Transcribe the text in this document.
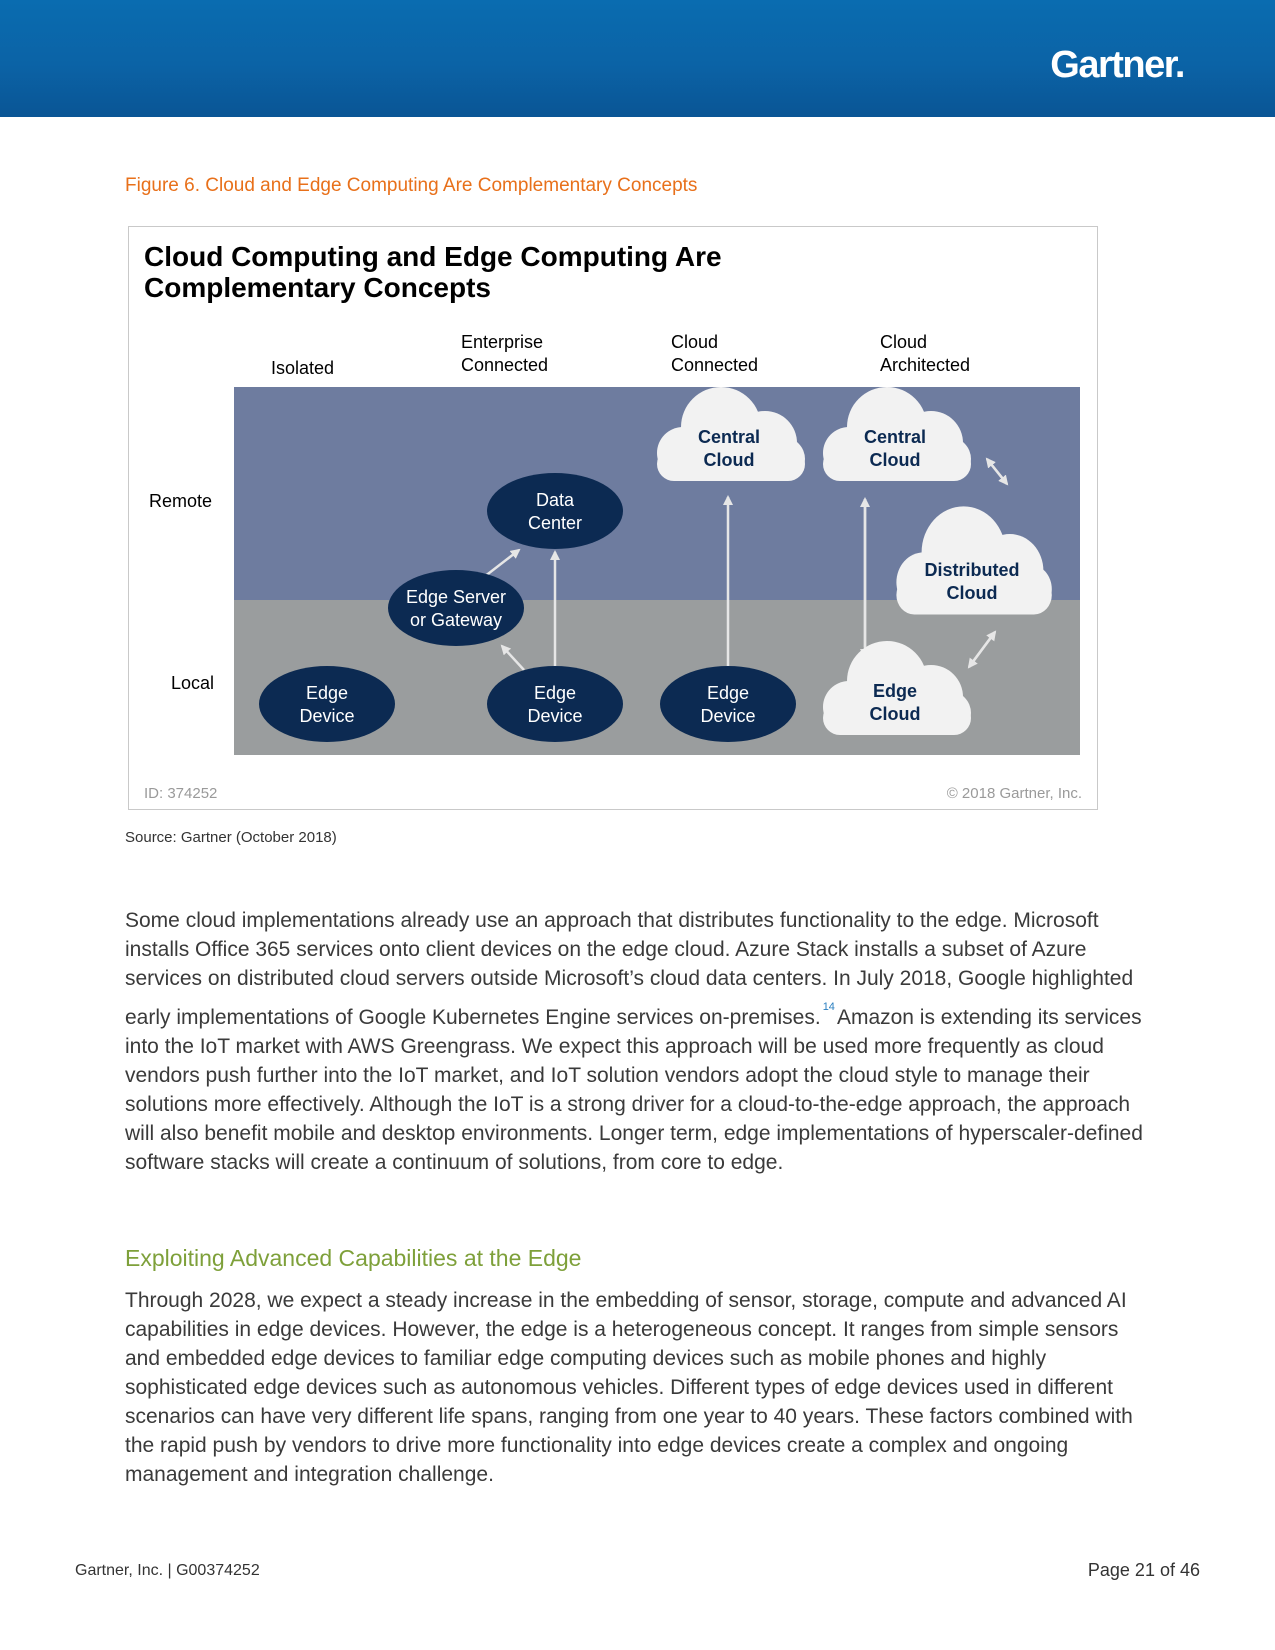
Gartner.
Figure 6. Cloud and Edge Computing Are Complementary Concepts
Cloud Computing and Edge Computing Are
Complementary Concepts
Isolated
Enterprise
Connected
Cloud
Connected
Cloud
Architected
Remote
Local	Edge
Device
Data
Center
Edge Server
or Gateway
Edge
Device
Edge
Device
Central
Cloud
Central
Cloud
Distributed
Cloud
Edge
Cloud
ID: 374252	© 2018 Gartner, Inc.
Source: Gartner (October 2018)
Some cloud implementations already use an approach that distributes functionality to the edge. Microsoft installs Office 365 services onto client devices on the edge cloud. Azure Stack installs a subset of Azure services on distributed cloud servers outside Microsoft’s cloud data centers. In July 2018, Google highlighted early implementations of Google Kubernetes Engine services on-premises. $^{14}$Amazon is extending its services into the IoT market with AWS Greengrass. We expect this approach will be used more frequently as cloud vendors push further into the IoT market, and IoT solution vendors adopt the cloud style to manage their solutions more effectively. Although the IoT is a strong driver for a cloud-to-the-edge approach, the approach will also benefit mobile and desktop environments. Longer term, edge implementations of hyperscaler-defined software stacks will create a continuum of solutions, from core to edge.
Exploiting Advanced Capabilities at the Edge
Through 2028, we expect a steady increase in the embedding of sensor, storage, compute and advanced AI capabilities in edge devices. However, the edge is a heterogeneous concept. It ranges from simple sensors and embedded edge devices to familiar edge computing devices such as mobile phones and highly sophisticated edge devices such as autonomous vehicles. Different types of edge devices used in different scenarios can have very different life spans, ranging from one year to 40 years. These factors combined with the rapid push by vendors to drive more functionality into edge devices create a complex and ongoing management and integration challenge.
Gartner, Inc. | G00374252	Page 21 of 46
